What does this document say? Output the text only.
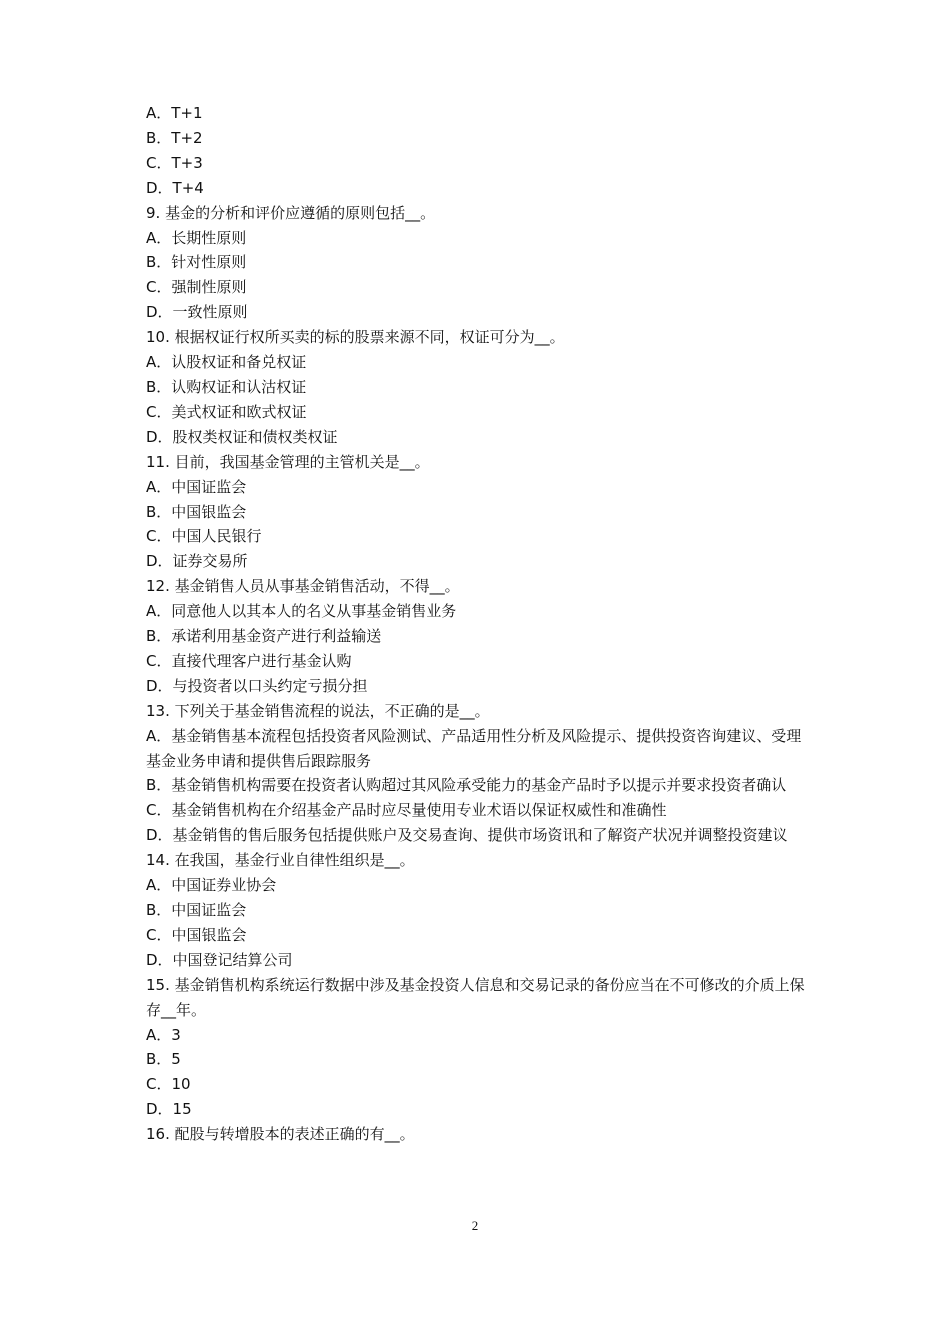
A．T+1
B．T+2
C．T+3
D．T+4
9. 基金的分析和评价应遵循的原则包括__。
A．长期性原则
B．针对性原则
C．强制性原则
D．一致性原则
10. 根据权证行权所买卖的标的股票来源不同，权证可分为__。
A．认股权证和备兑权证
B．认购权证和认沽权证
C．美式权证和欧式权证
D．股权类权证和债权类权证
11. 目前，我国基金管理的主管机关是__。
A．中国证监会
B．中国银监会
C．中国人民银行
D．证券交易所
12. 基金销售人员从事基金销售活动，不得__。
A．同意他人以其本人的名义从事基金销售业务
B．承诺利用基金资产进行利益输送
C．直接代理客户进行基金认购
D．与投资者以口头约定亏损分担
13. 下列关于基金销售流程的说法，不正确的是__。
A．基金销售基本流程包括投资者风险测试、产品适用性分析及风险提示、提供投资咨询建议、受理基金业务申请和提供售后跟踪服务
B．基金销售机构需要在投资者认购超过其风险承受能力的基金产品时予以提示并要求投资者确认
C．基金销售机构在介绍基金产品时应尽量使用专业术语以保证权威性和准确性
D．基金销售的售后服务包括提供账户及交易查询、提供市场资讯和了解资产状况并调整投资建议
14. 在我国，基金行业自律性组织是__。
A．中国证券业协会
B．中国证监会
C．中国银监会
D．中国登记结算公司
15. 基金销售机构系统运行数据中涉及基金投资人信息和交易记录的备份应当在不可修改的介质上保存__年。
A．3
B．5
C．10
D．15
16. 配股与转增股本的表述正确的有__。
2
